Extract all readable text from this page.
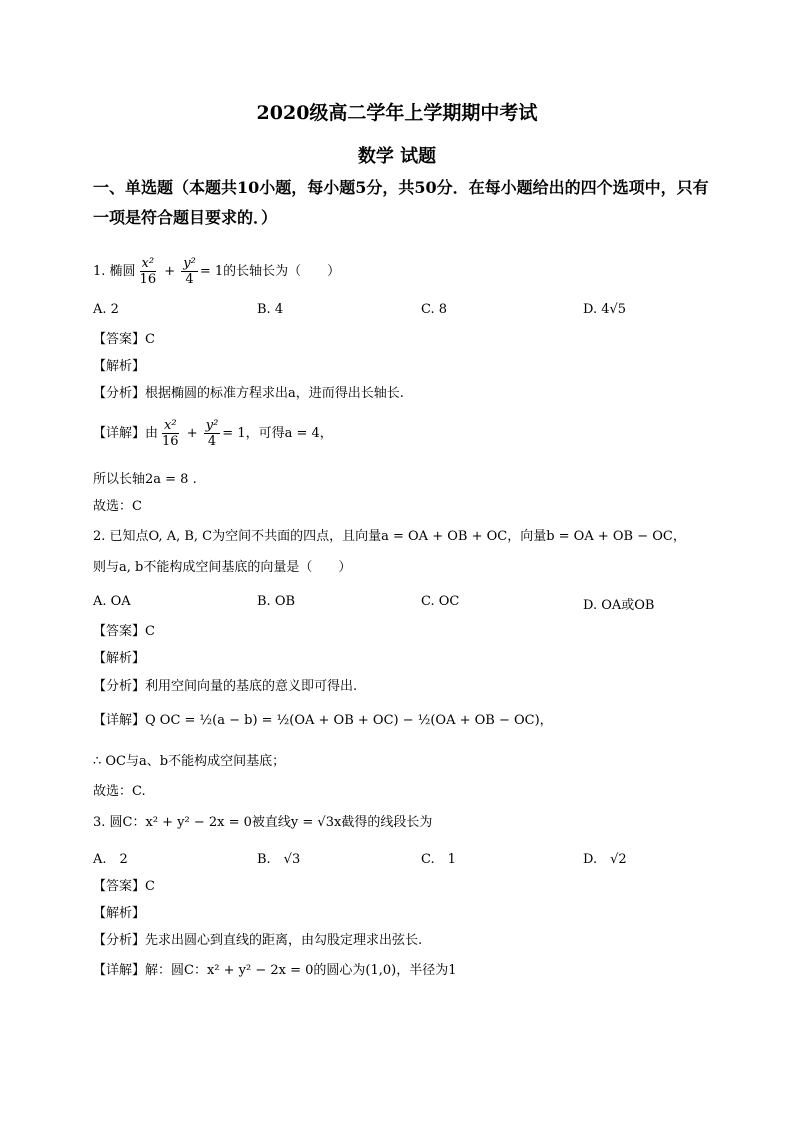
2020级高二学年上学期期中考试
数学 试题
一、单选题（本题共10小题，每小题5分，共50分．在每小题给出的四个选项中，只有一项是符合题目要求的．）
1. 椭圆 $\frac{\text{x²}}{16} + \frac{\text{y²}}{4} = 1$的长轴长为（　　）
A. 2	B. 4	C. 8	D. 4√5
【答案】C
【解析】
【分析】根据椭圆的标准方程求出a，进而得出长轴长.
【详解】由 $\frac{\text{x²}}{16} + \frac{\text{y²}}{4} = 1$，可得a = 4，
所以长轴2a = 8 .
故选：C
2. 已知点O, A, B, C为空间不共面的四点，且向量a = OA + OB + OC，向量b = OA + OB − OC，
则与a, b不能构成空间基底的向量是（　　）
A. OA	B. OB	C. OC	D. OA或OB
【答案】C
【解析】
【分析】利用空间向量的基底的意义即可得出.
【详解】Q OC = ½(a − b) = ½(OA + OB + OC) − ½(OA + OB − OC)，
∴ OC与a、b不能构成空间基底；
故选：C.
3. 圆C：x² + y² − 2x = 0被直线y = √3x截得的线段长为
A.　2	B.　√3	C.　1	D.　√2
【答案】C
【解析】
【分析】先求出圆心到直线的距离，由勾股定理求出弦长.
【详解】解：圆C：x² + y² − 2x = 0的圆心为(1,0)，半径为1
